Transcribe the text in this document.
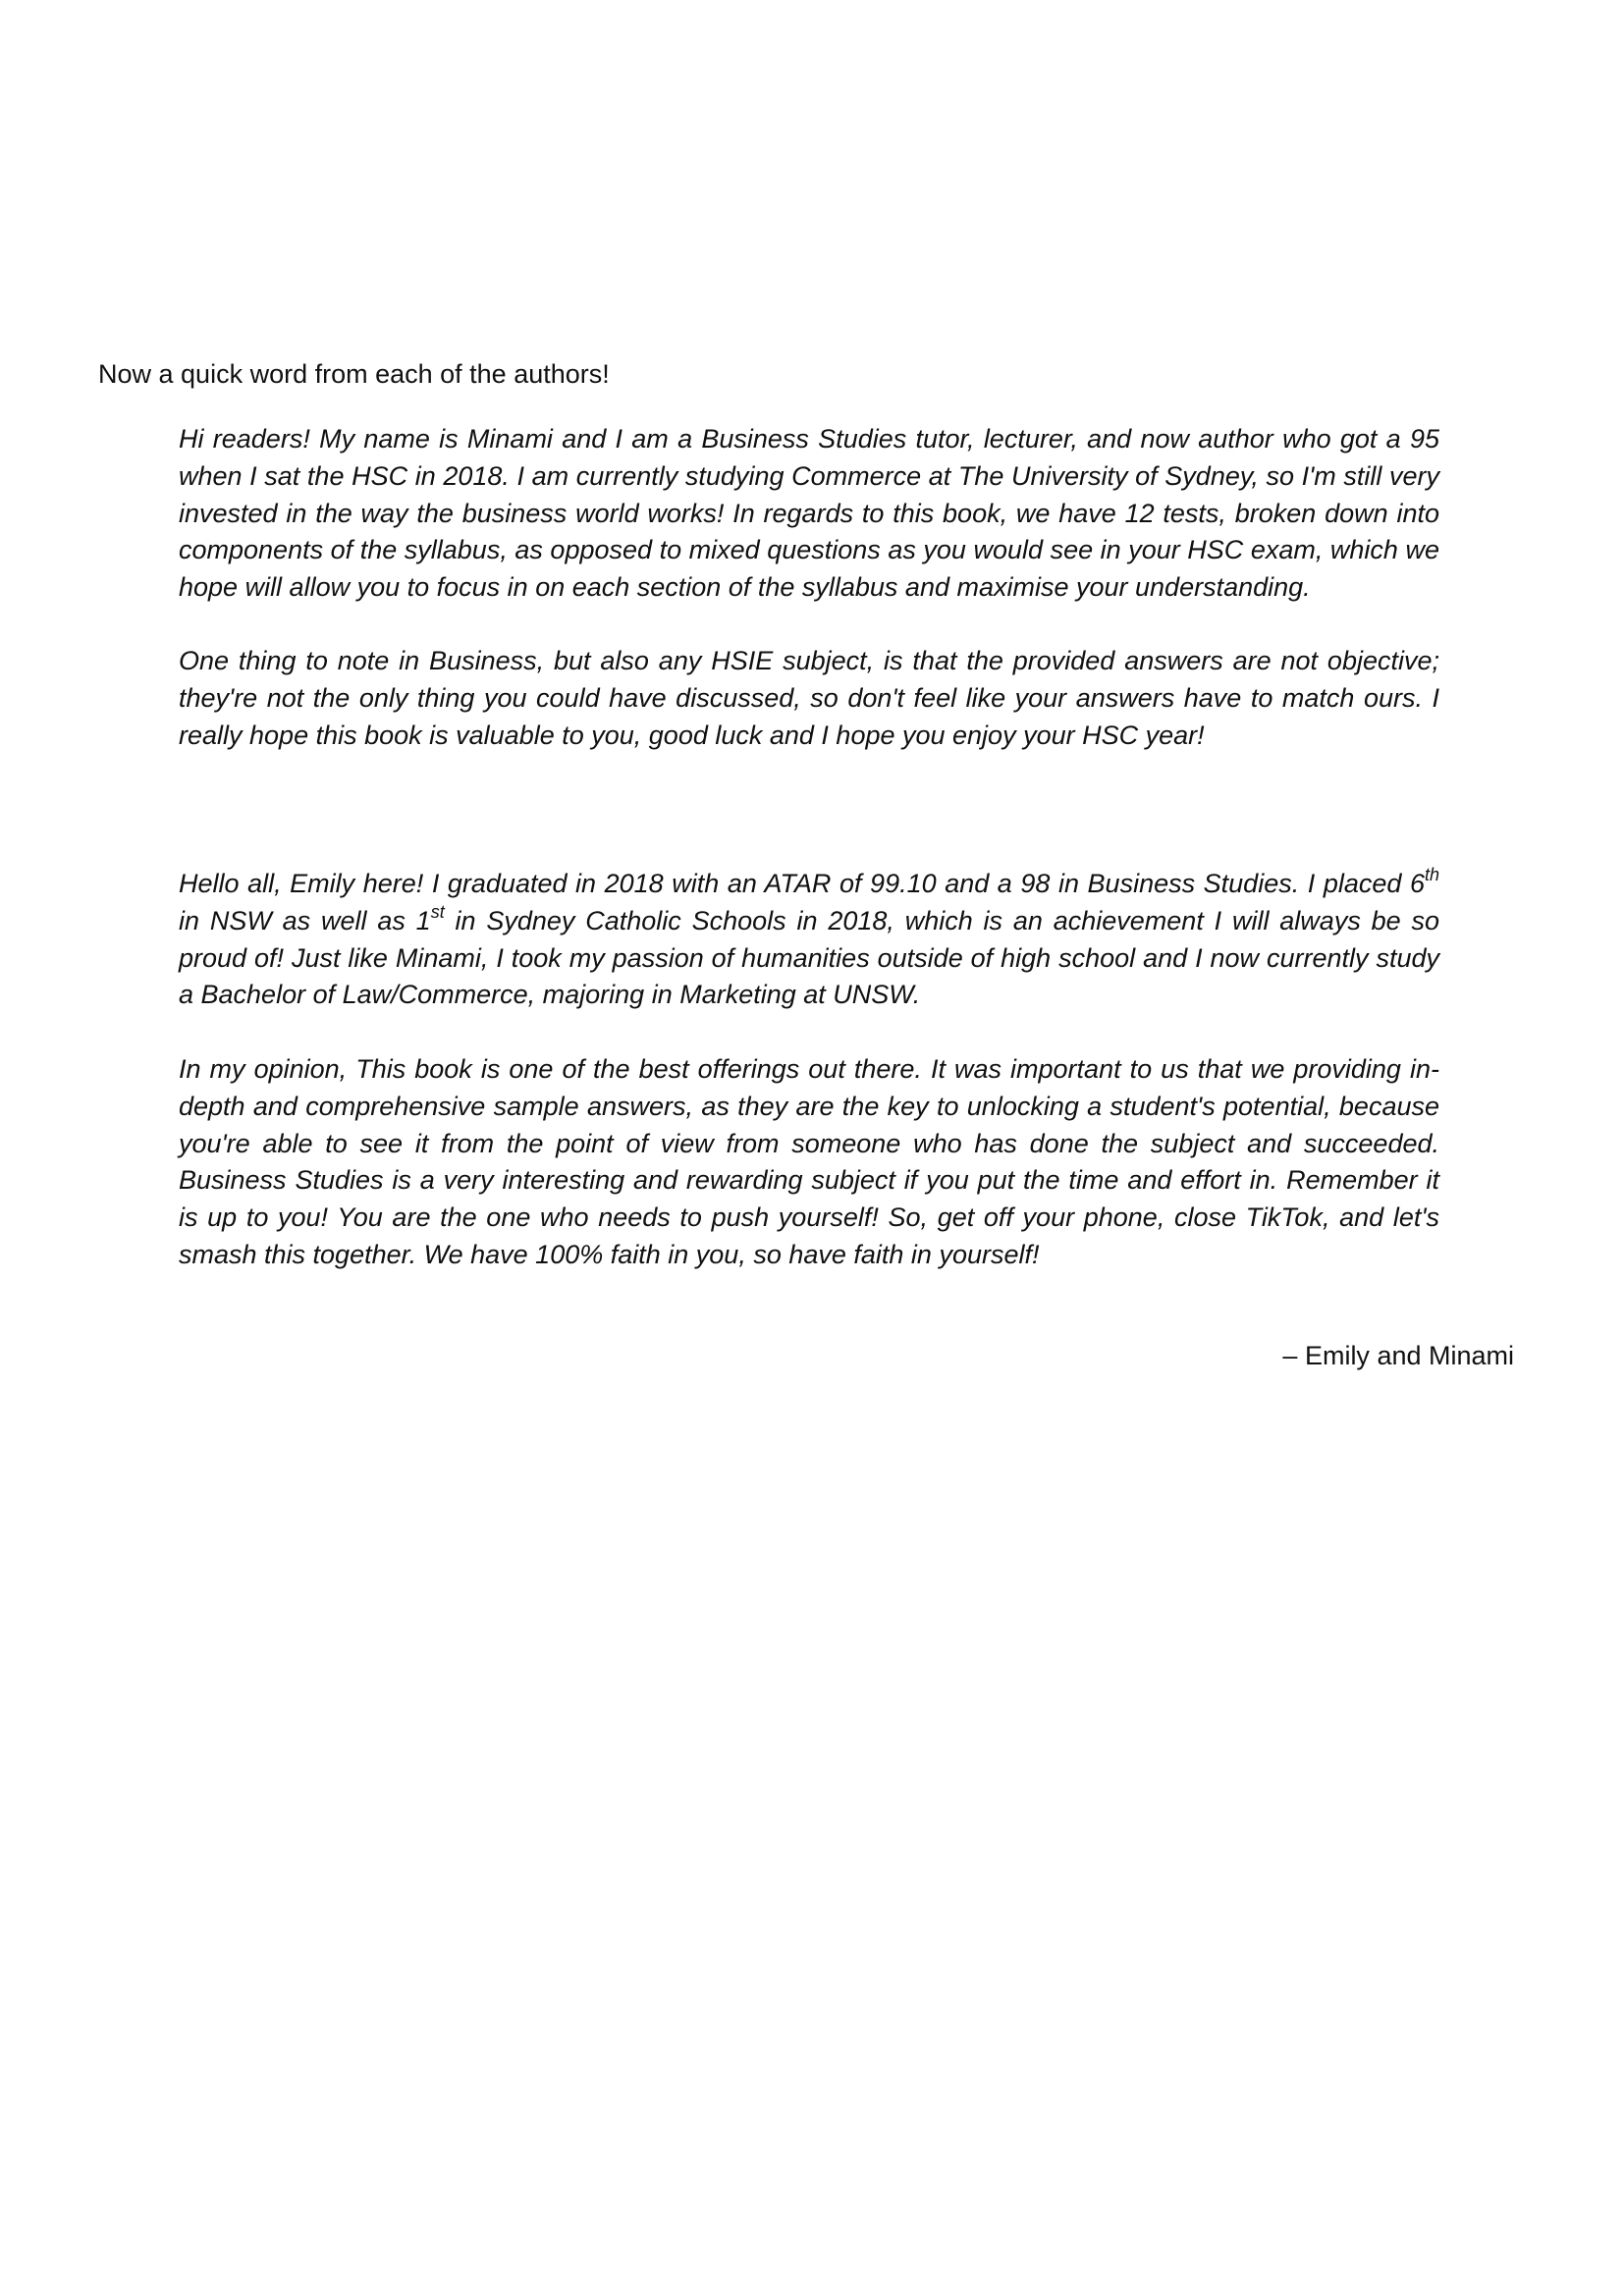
Now a quick word from each of the authors!

Hi readers! My name is Minami and I am a Business Studies tutor, lecturer, and now author who got a 95 when I sat the HSC in 2018. I am currently studying Commerce at The University of Sydney, so I'm still very invested in the way the business world works! In regards to this book, we have 12 tests, broken down into components of the syllabus, as opposed to mixed questions as you would see in your HSC exam, which we hope will allow you to focus in on each section of the syllabus and maximise your understanding.

One thing to note in Business, but also any HSIE subject, is that the provided answers are not objective; they're not the only thing you could have discussed, so don't feel like your answers have to match ours. I really hope this book is valuable to you, good luck and I hope you enjoy your HSC year!

Hello all, Emily here! I graduated in 2018 with an ATAR of 99.10 and a 98 in Business Studies. I placed 6th in NSW as well as 1st in Sydney Catholic Schools in 2018, which is an achievement I will always be so proud of! Just like Minami, I took my passion of humanities outside of high school and I now currently study a Bachelor of Law/Commerce, majoring in Marketing at UNSW.

In my opinion, This book is one of the best offerings out there. It was important to us that we providing in-depth and comprehensive sample answers, as they are the key to unlocking a student's potential, because you're able to see it from the point of view from someone who has done the subject and succeeded. Business Studies is a very interesting and rewarding subject if you put the time and effort in. Remember it is up to you! You are the one who needs to push yourself! So, get off your phone, close TikTok, and let's smash this together. We have 100% faith in you, so have faith in yourself!

– Emily and Minami
